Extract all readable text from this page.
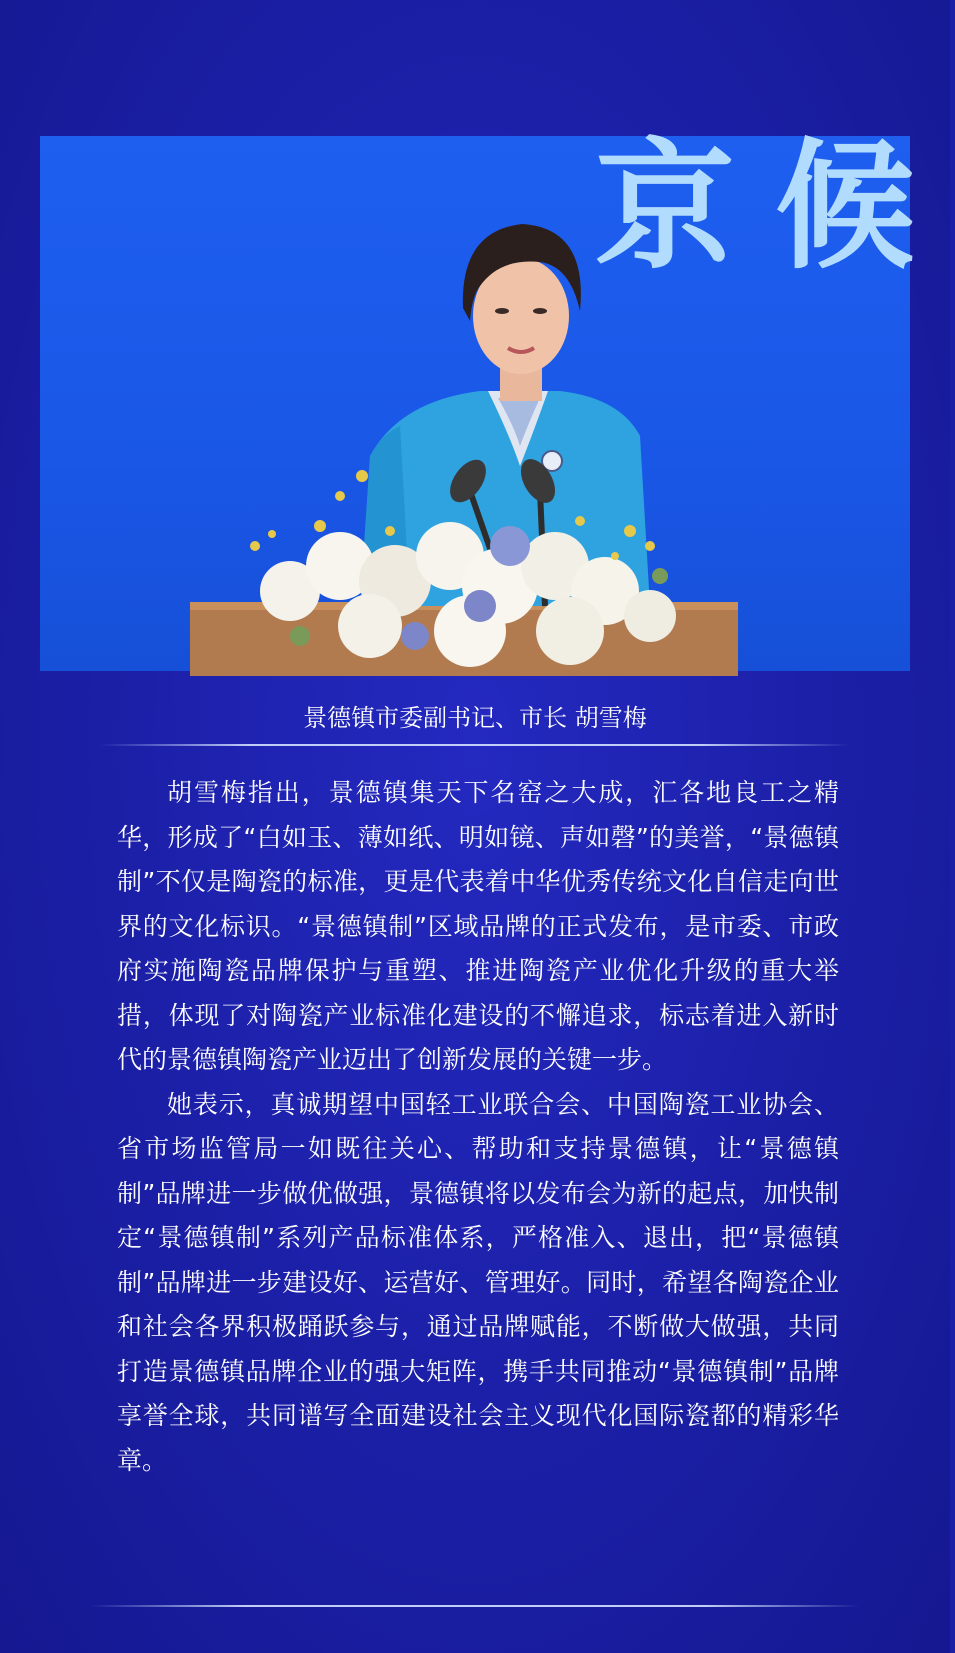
京候
景德镇市委副书记、市长 胡雪梅

胡雪梅指出，景德镇集天下名窑之大成，汇各地良工之精华，形成了“白如玉、薄如纸、明如镜、声如磬”的美誉，“景德镇制”不仅是陶瓷的标准，更是代表着中华优秀传统文化自信走向世界的文化标识。“景德镇制”区域品牌的正式发布，是市委、市政府实施陶瓷品牌保护与重塑、推进陶瓷产业优化升级的重大举措，体现了对陶瓷产业标准化建设的不懈追求，标志着进入新时代的景德镇陶瓷产业迈出了创新发展的关键一步。

她表示，真诚期望中国轻工业联合会、中国陶瓷工业协会、省市场监管局一如既往关心、帮助和支持景德镇，让“景德镇制”品牌进一步做优做强，景德镇将以发布会为新的起点，加快制定“景德镇制”系列产品标准体系，严格准入、退出，把“景德镇制”品牌进一步建设好、运营好、管理好。同时，希望各陶瓷企业和社会各界积极踊跃参与，通过品牌赋能，不断做大做强，共同打造景德镇品牌企业的强大矩阵，携手共同推动“景德镇制”品牌享誉全球，共同谱写全面建设社会主义现代化国际瓷都的精彩华章。
